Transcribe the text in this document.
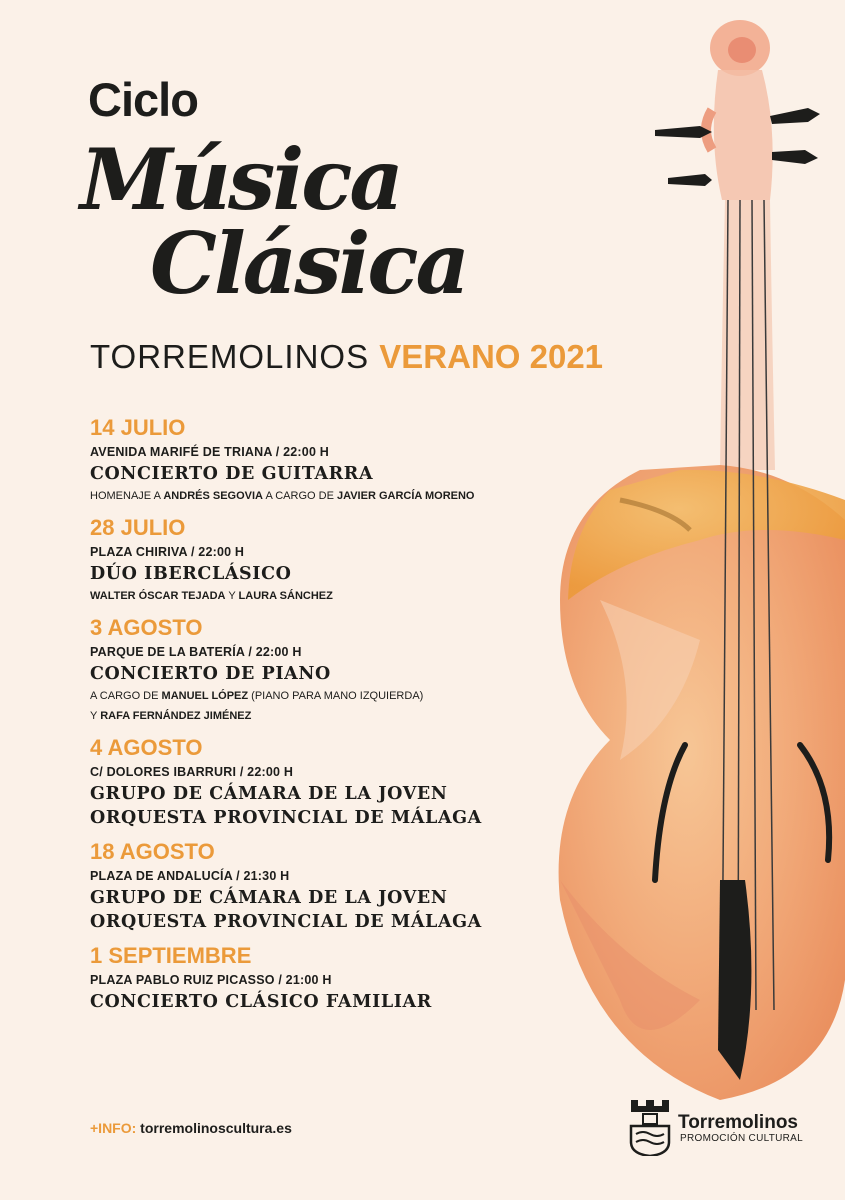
Ciclo
Música
Clásica
TORREMOLINOS VERANO 2021
14 JULIO
AVENIDA MARIFÉ DE TRIANA / 22:00 H
CONCIERTO DE GUITARRA
HOMENAJE A ANDRÉS SEGOVIA A CARGO DE JAVIER GARCÍA MORENO
28 JULIO
PLAZA CHIRIVA / 22:00 H
DÚO IBERCLÁSICO
WALTER ÓSCAR TEJADA Y LAURA SÁNCHEZ
3 AGOSTO
PARQUE DE LA BATERÍA / 22:00 H
CONCIERTO DE PIANO
A CARGO DE MANUEL LÓPEZ (PIANO PARA MANO IZQUIERDA)
Y RAFA FERNÁNDEZ JIMÉNEZ
4 AGOSTO
C/ DOLORES IBARRURI / 22:00 H
GRUPO DE CÁMARA DE LA JOVEN
ORQUESTA PROVINCIAL DE MÁLAGA
18 AGOSTO
PLAZA DE ANDALUCÍA / 21:30 H
GRUPO DE CÁMARA DE LA JOVEN
ORQUESTA PROVINCIAL DE MÁLAGA
1 SEPTIEMBRE
PLAZA PABLO RUIZ PICASSO / 21:00 H
CONCIERTO CLÁSICO FAMILIAR
+INFO: torremolinoscultura.es	Torremolinos
PROMOCIÓN CULTURAL
